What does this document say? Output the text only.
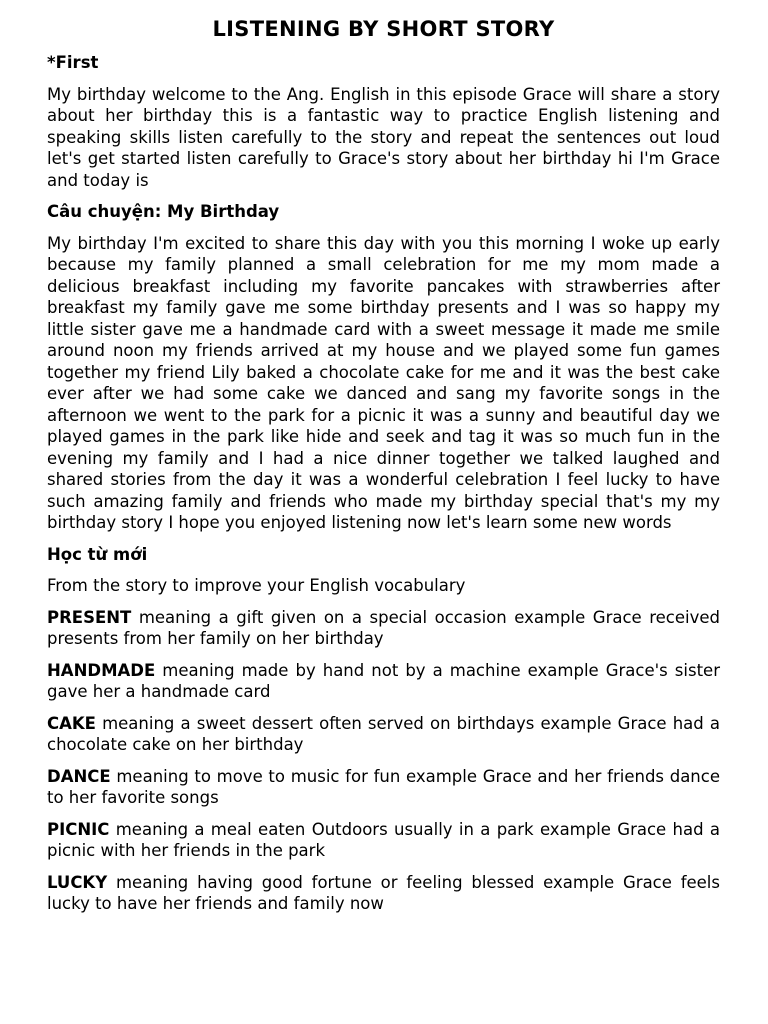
LISTENING BY SHORT STORY
*First
My birthday welcome to the Ang. English in this episode Grace will share a story about her birthday this is a fantastic way to practice English listening and speaking skills listen carefully to the story and repeat the sentences out loud let's get started listen carefully to Grace's story about her birthday hi I'm Grace and today is
Câu chuyện: My Birthday
My birthday I'm excited to share this day with you this morning I woke up early because my family planned a small celebration for me my mom made a delicious breakfast including my favorite pancakes with strawberries after breakfast my family gave me some birthday presents and I was so happy my little sister gave me a handmade card with a sweet message it made me smile around noon my friends arrived at my house and we played some fun games together my friend Lily baked a chocolate cake for me and it was the best cake ever after we had some cake we danced and sang my favorite songs in the afternoon we went to the park for a picnic it was a sunny and beautiful day we played games in the park like hide and seek and tag it was so much fun in the evening my family and I had a nice dinner together we talked laughed and shared stories from the day it was a wonderful celebration I feel lucky to have such amazing family and friends who made my birthday special that's my my birthday story I hope you enjoyed listening now let's learn some new words
Học từ mới
From the story to improve your English vocabulary
PRESENT meaning a gift given on a special occasion example Grace received presents from her family on her birthday
HANDMADE meaning made by hand not by a machine example Grace's sister gave her a handmade card
CAKE meaning a sweet dessert often served on birthdays example Grace had a chocolate cake on her birthday
DANCE meaning to move to music for fun example Grace and her friends dance to her favorite songs
PICNIC meaning a meal eaten Outdoors usually in a park example Grace had a picnic with her friends in the park
LUCKY meaning having good fortune or feeling blessed example Grace feels lucky to have her friends and family now
